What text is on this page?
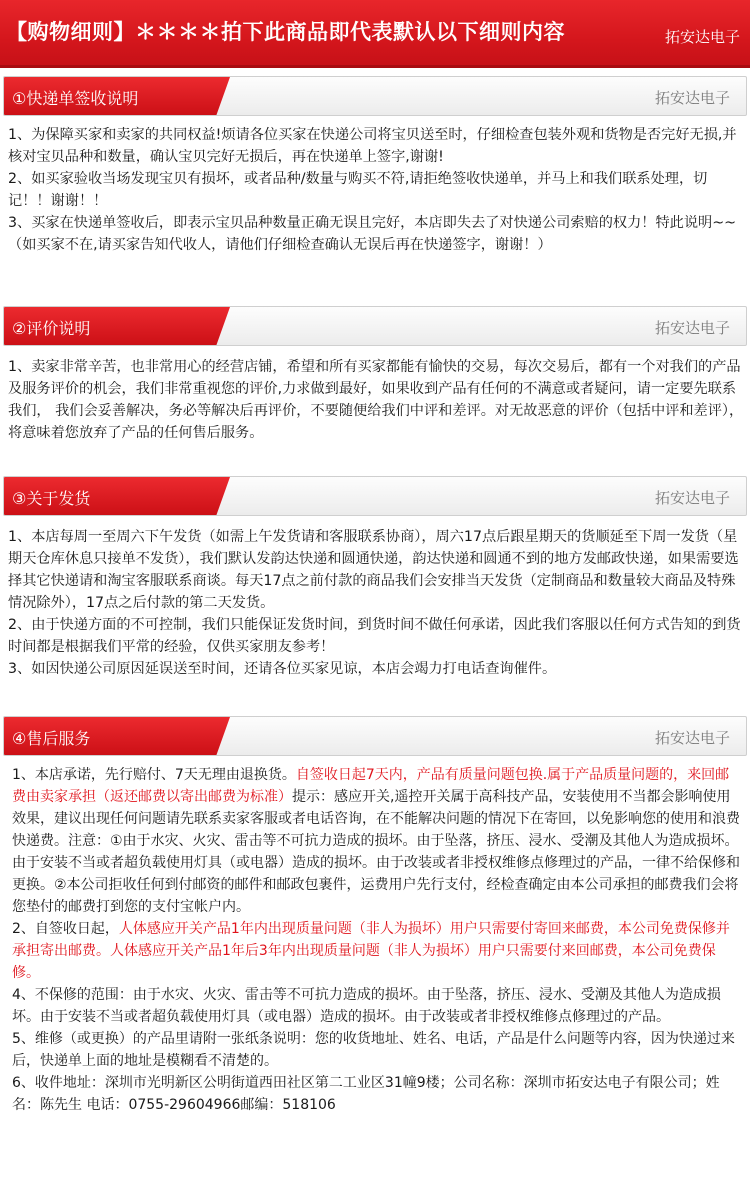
【购物细则】＊＊＊＊拍下此商品即代表默认以下细则内容	拓安达电子
①快递单签收说明	拓安达电子

1、为保障买家和卖家的共同权益!烦请各位买家在快递公司将宝贝送至时，仔细检查包装外观和货物是否完好无损,并核对宝贝品种和数量，确认宝贝完好无损后，再在快递单上签字,谢谢!

2、如买家验收当场发现宝贝有损坏，或者品种/数量与购买不符,请拒绝签收快递单，并马上和我们联系处理，切记！！谢谢！！

3、买家在快递单签收后，即表示宝贝品种数量正确无误且完好，本店即失去了对快递公司索赔的权力！特此说明~~（如买家不在,请买家告知代收人，请他们仔细检查确认无误后再在快递签字，谢谢！）

②评价说明	拓安达电子

1、卖家非常辛苦，也非常用心的经营店铺，希望和所有买家都能有愉快的交易，每次交易后，都有一个对我们的产品及服务评价的机会，我们非常重视您的评价,力求做到最好，如果收到产品有任何的不满意或者疑问，请一定要先联系我们， 我们会妥善解决，务必等解决后再评价，不要随便给我们中评和差评。对无故恶意的评价（包括中评和差评），将意味着您放弃了产品的任何售后服务。

③关于发货	拓安达电子

1、本店每周一至周六下午发货（如需上午发货请和客服联系协商），周六17点后跟星期天的货顺延至下周一发货（星期天仓库休息只接单不发货），我们默认发韵达快递和圆通快递，韵达快递和圆通不到的地方发邮政快递，如果需要选择其它快递请和淘宝客服联系商谈。每天17点之前付款的商品我们会安排当天发货（定制商品和数量较大商品及特殊情况除外），17点之后付款的第二天发货。

2、由于快递方面的不可控制，我们只能保证发货时间，到货时间不做任何承诺，因此我们客服以任何方式告知的到货时间都是根据我们平常的经验，仅供买家朋友参考！

3、如因快递公司原因延误送至时间，还请各位买家见谅，本店会竭力打电话查询催件。

④售后服务	拓安达电子

1、本店承诺，先行赔付、7天无理由退换货。自签收日起7天内，产品有质量问题包换.属于产品质量问题的，来回邮费由卖家承担（返还邮费以寄出邮费为标准）提示：感应开关,遥控开关属于高科技产品，安装使用不当都会影响使用效果，建议出现任何问题请先联系卖家客服或者电话咨询，在不能解决问题的情况下在寄回，以免影响您的使用和浪费快递费。注意：①由于水灾、火灾、雷击等不可抗力造成的损坏。由于坠落，挤压、浸水、受潮及其他人为造成损坏。由于安装不当或者超负载使用灯具（或电器）造成的损坏。由于改装或者非授权维修点修理过的产品，一律不给保修和更换。②本公司拒收任何到付邮资的邮件和邮政包裹件，运费用户先行支付，经检查确定由本公司承担的邮费我们会将您垫付的邮费打到您的支付宝帐户内。

2、自签收日起，人体感应开关产品1年内出现质量问题（非人为损坏）用户只需要付寄回来邮费，本公司免费保修并承担寄出邮费。人体感应开关产品1年后3年内出现质量问题（非人为损坏）用户只需要付来回邮费，本公司免费保修。

4、不保修的范围：由于水灾、火灾、雷击等不可抗力造成的损坏。由于坠落，挤压、浸水、受潮及其他人为造成损坏。由于安装不当或者超负载使用灯具（或电器）造成的损坏。由于改装或者非授权维修点修理过的产品。

5、维修（或更换）的产品里请附一张纸条说明：您的收货地址、姓名、电话，产品是什么问题等内容，因为快递过来后，快递单上面的地址是模糊看不清楚的。

6、收件地址：深圳市光明新区公明街道西田社区第二工业区31幢9楼；公司名称：深圳市拓安达电子有限公司；姓名：陈先生 电话：0755-29604966邮编：518106
